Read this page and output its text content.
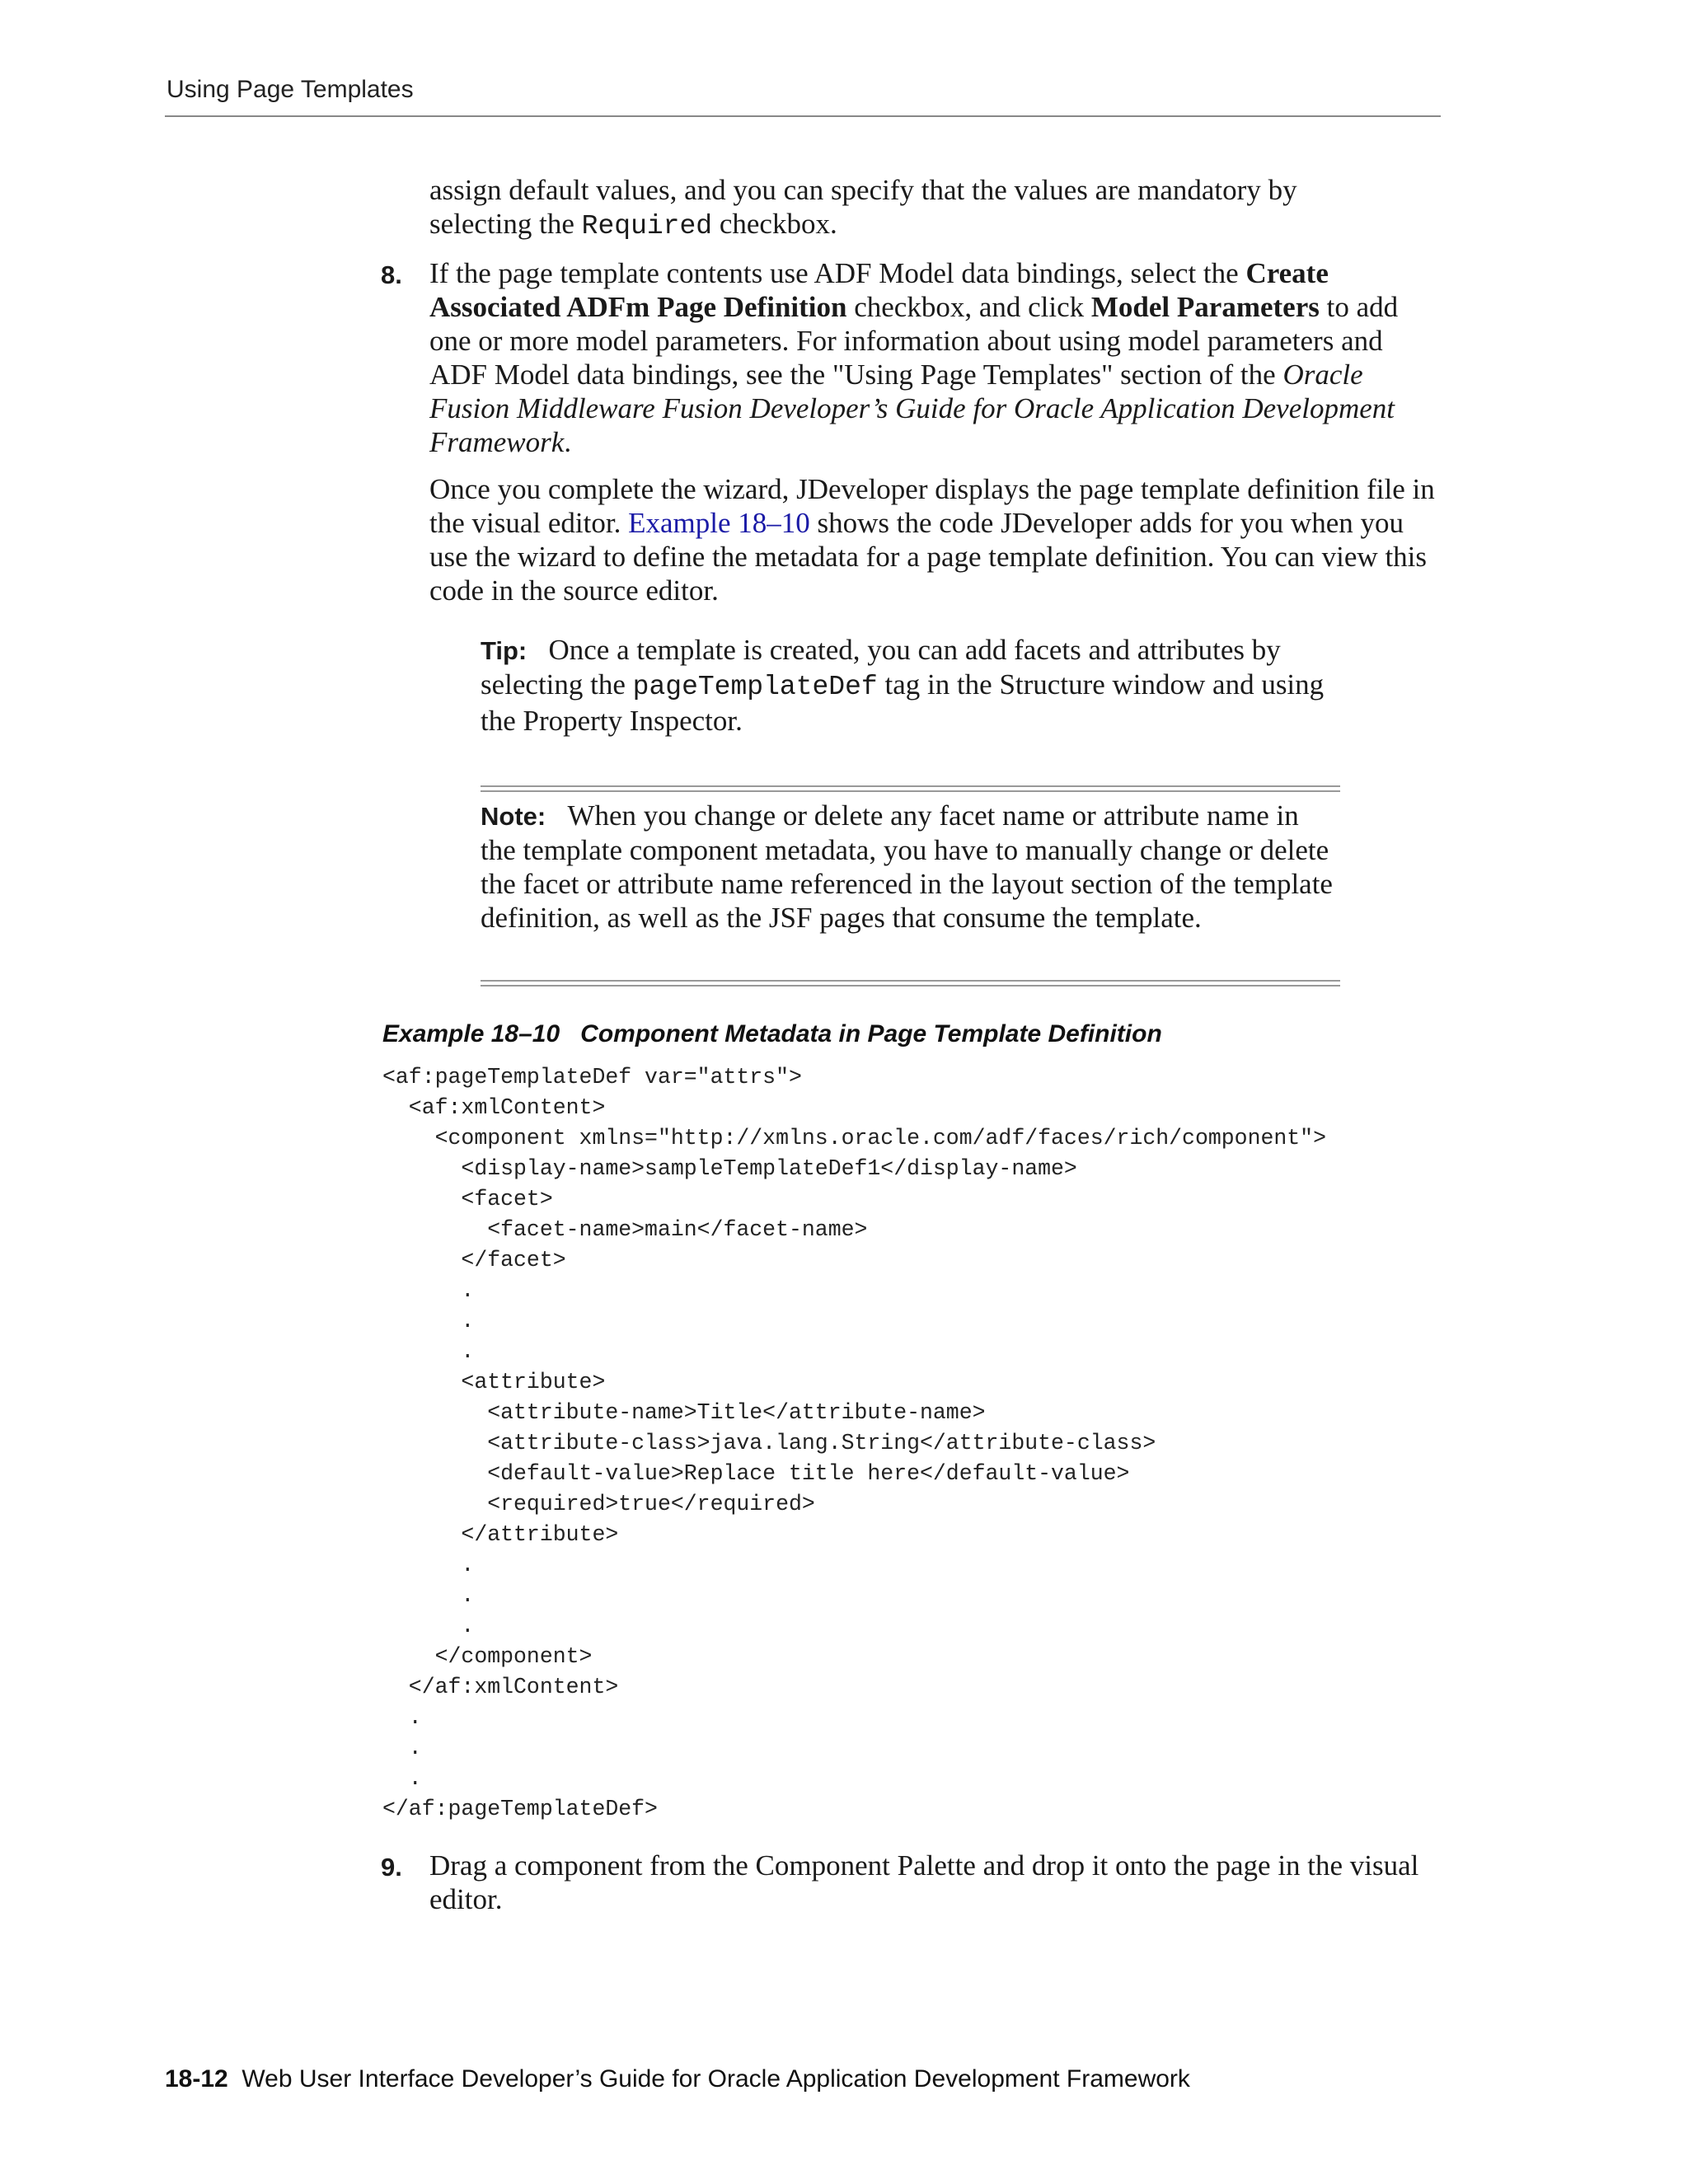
Using Page Templates
assign default values, and you can specify that the values are mandatory by
selecting the Required checkbox.
8. If the page template contents use ADF Model data bindings, select the Create Associated ADFm Page Definition checkbox, and click Model Parameters to add one or more model parameters. For information about using model parameters and ADF Model data bindings, see the "Using Page Templates" section of the Oracle Fusion Middleware Fusion Developer’s Guide for Oracle Application Development Framework.
Once you complete the wizard, JDeveloper displays the page template definition file in the visual editor. Example 18–10 shows the code JDeveloper adds for you when you use the wizard to define the metadata for a page template definition. You can view this code in the source editor.
Tip: Once a template is created, you can add facets and attributes by selecting the pageTemplateDef tag in the Structure window and using the Property Inspector.
Note: When you change or delete any facet name or attribute name in the template component metadata, you have to manually change or delete the facet or attribute name referenced in the layout section of the template definition, as well as the JSF pages that consume the template.
Example 18–10 Component Metadata in Page Template Definition
<af:pageTemplateDef var="attrs">
<af:xmlContent>
<component xmlns="http://xmlns.oracle.com/adf/faces/rich/component">
<display-name>sampleTemplateDef1</display-name>
<facet>
<facet-name>main</facet-name>
</facet>
.
.
.
<attribute>
<attribute-name>Title</attribute-name>
<attribute-class>java.lang.String</attribute-class>
<default-value>Replace title here</default-value>
<required>true</required>
</attribute>
.
.
.
</component>
</af:xmlContent>
.
.
.
</af:pageTemplateDef>
9. Drag a component from the Component Palette and drop it onto the page in the visual editor.
18-12 Web User Interface Developer’s Guide for Oracle Application Development Framework
